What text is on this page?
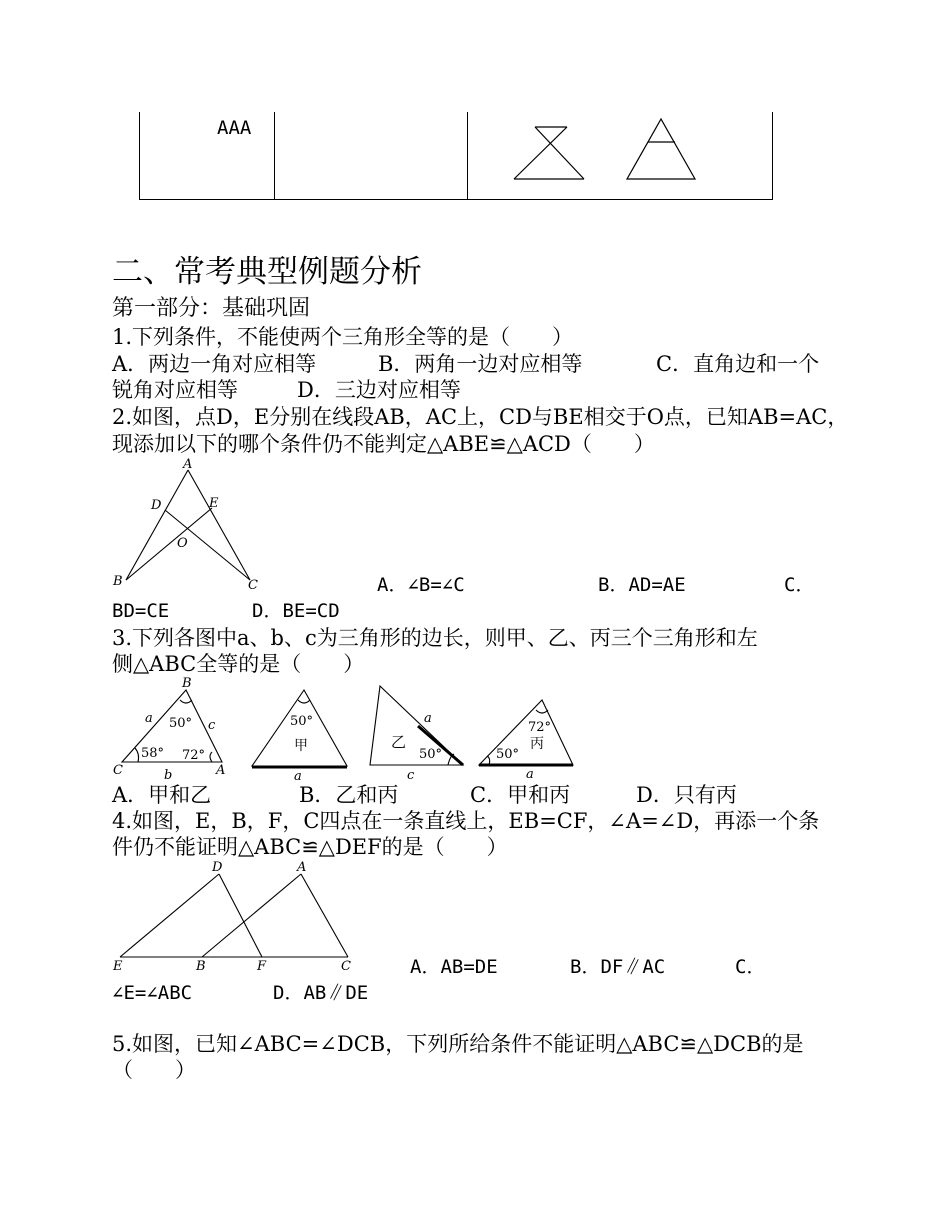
AAA
二、常考典型例题分析
第一部分：基础巩固
1.下列条件，不能使两个三角形全等的是（　　）
A．两边一角对应相等	B．两角一边对应相等	C．直角边和一个
锐角对应相等	D．三边对应相等
2.如图，点D，E分别在线段AB，AC上，CD与BE相交于O点，已知AB=AC，
现添加以下的哪个条件仍不能判定△ABE≌△ACD（　　）
A
D	E
O
B	C	A．∠B=∠C	B．AD=AE	C．
BD=CE	D．BE=CD
3.下列各图中a、b、c为三角形的边长，则甲、乙、丙三个三角形和左
侧△ABC全等的是（　　）
B
C	A
a	c
b
50°
58° 72°
50°
甲
a
乙
a
50°
c
72°
丙
50°
a
A．甲和乙	B．乙和丙	C．甲和丙	D．只有丙
4.如图，E，B，F，C四点在一条直线上，EB=CF，∠A=∠D，再添一个条
件仍不能证明△ABC≌△DEF的是（　　）
D	A
E	B	F	C	A．AB=DE	B．DF∥AC	C．
∠E=∠ABC	D．AB∥DE
5.如图，已知∠ABC=∠DCB，下列所给条件不能证明△ABC≌△DCB的是
（　　）
